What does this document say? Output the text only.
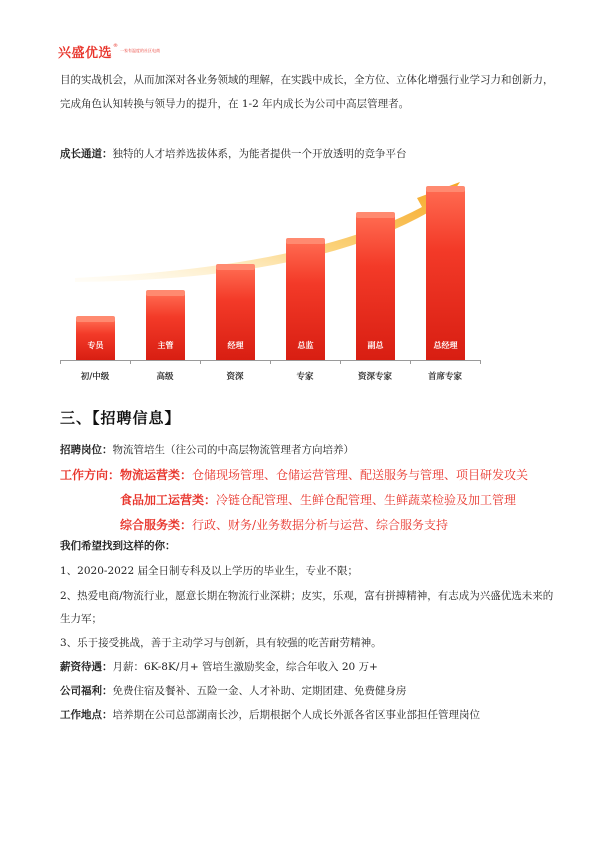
兴盛优选 ®
一家有温度的社区电商
目的实战机会，从而加深对各业务领域的理解，在实践中成长，全方位、立体化增强行业学习力和创新力，
完成角色认知转换与领导力的提升，在 1-2 年内成长为公司中高层管理者。
成长通道：独特的人才培养选拔体系，为能者提供一个开放透明的竞争平台
专员	主管	经理	总监	副总	总经理
初/中级	高级	资深	专家	资深专家	首席专家
三、【招聘信息】
招聘岗位：物流管培生（往公司的中高层物流管理者方向培养）
工作方向：物流运营类：仓储现场管理、仓储运营管理、配送服务与管理、项目研发攻关
食品加工运营类：冷链仓配管理、生鲜仓配管理、生鲜蔬菜检验及加工管理
综合服务类：行政、财务/业务数据分析与运营、综合服务支持
我们希望找到这样的你：
1、2020-2022 届全日制专科及以上学历的毕业生，专业不限；
2、热爱电商/物流行业，愿意长期在物流行业深耕；皮实，乐观，富有拼搏精神，有志成为兴盛优选未来的
生力军；
3、乐于接受挑战，善于主动学习与创新，具有较强的吃苦耐劳精神。
薪资待遇：月薪：6K-8K/月+ 管培生激励奖金，综合年收入 20 万+
公司福利：免费住宿及餐补、五险一金、人才补助、定期团建、免费健身房
工作地点：培养期在公司总部湖南长沙，后期根据个人成长外派各省区事业部担任管理岗位
